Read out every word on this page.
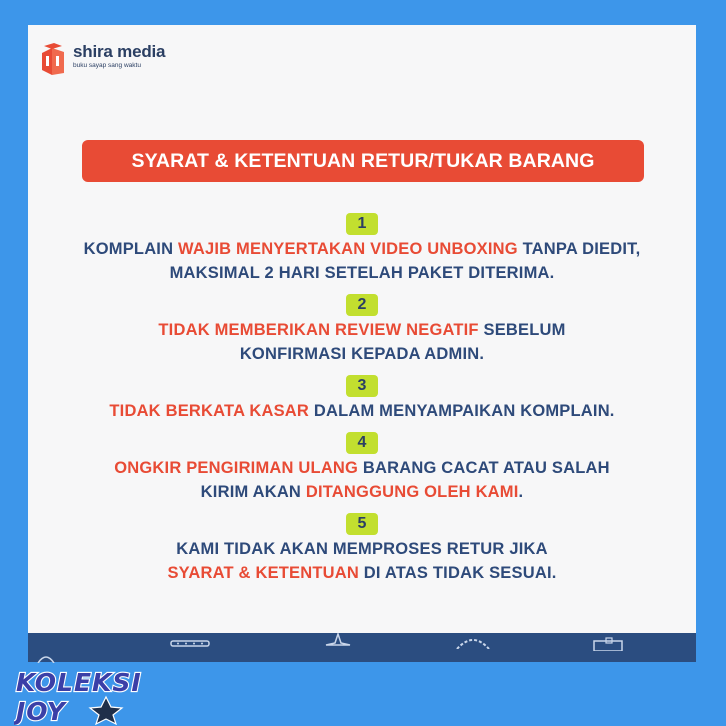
shira media
buku sayap sang waktu
SYARAT & KETENTUAN RETUR/TUKAR BARANG
1
KOMPLAIN WAJIB MENYERTAKAN VIDEO UNBOXING TANPA DIEDIT,
MAKSIMAL 2 HARI SETELAH PAKET DITERIMA.
2
TIDAK MEMBERIKAN REVIEW NEGATIF SEBELUM
KONFIRMASI KEPADA ADMIN.
3
TIDAK BERKATA KASAR DALAM MENYAMPAIKAN KOMPLAIN.
4
ONGKIR PENGIRIMAN ULANG BARANG CACAT ATAU SALAH
KIRIM AKAN DITANGGUNG OLEH KAMI.
5
KAMI TIDAK AKAN MEMPROSES RETUR JIKA
SYARAT & KETENTUAN DI ATAS TIDAK SESUAI.
KOLEKSI
JOY
